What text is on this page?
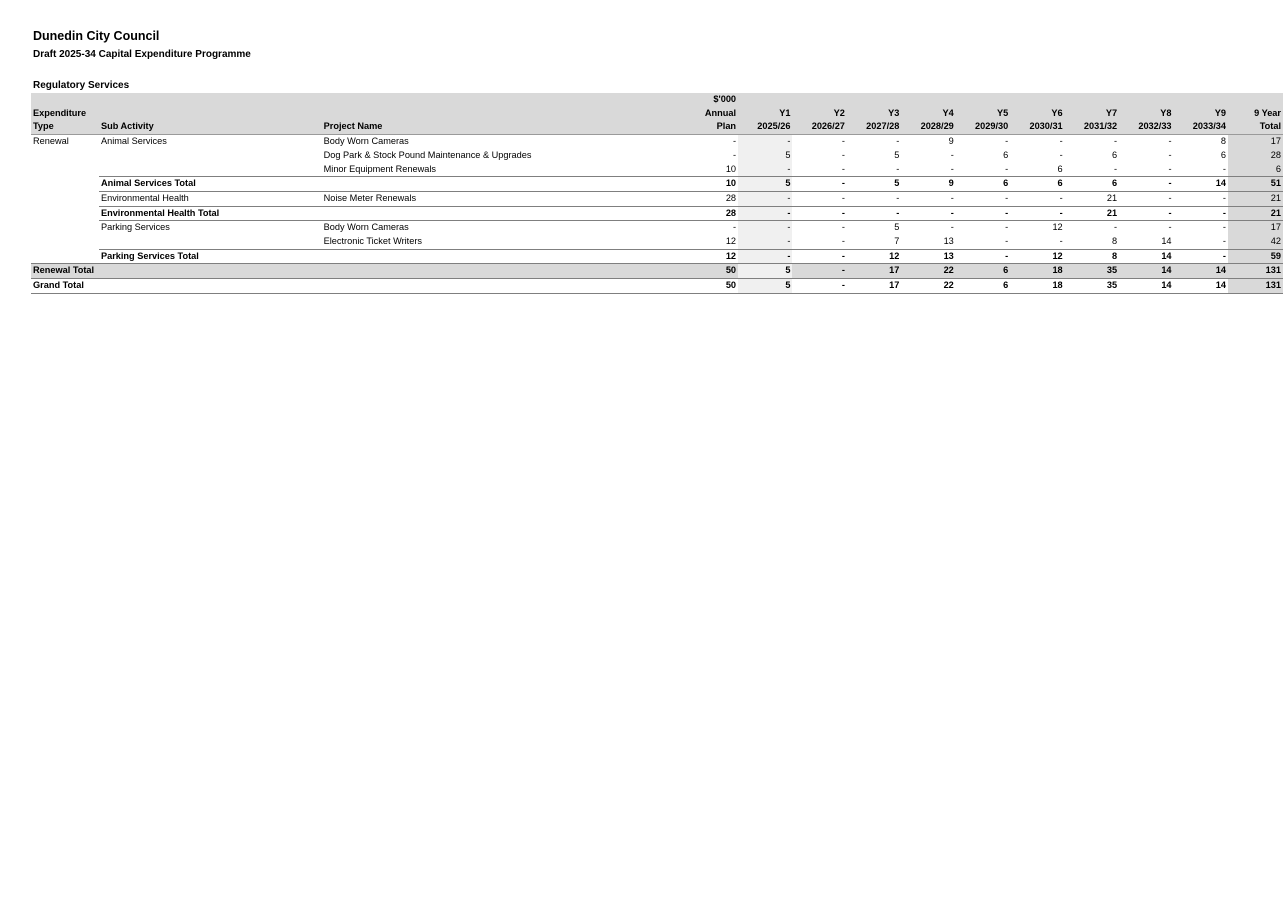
Dunedin City Council
Draft 2025-34 Capital Expenditure Programme
Regulatory Services
			$'000										
Expenditure			Annual	Y1	Y2	Y3	Y4	Y5	Y6	Y7	Y8	Y9	9 Year
Type	Sub Activity	Project Name	Plan	2025/26	2026/27	2027/28	2028/29	2029/30	2030/31	2031/32	2032/33	2033/34	Total
Renewal	Animal Services	Body Worn Cameras	-	-	-	-	9	-	-	-	-	8	17
		Dog Park & Stock Pound Maintenance & Upgrades	-	5	-	5	-	6	-	6	-	6	28
		Minor Equipment Renewals	10	-	-	-	-	-	6	-	-	-	6
	Animal Services Total		10	5	-	5	9	6	6	6	-	14	51
	Environmental Health	Noise Meter Renewals	28	-	-	-	-	-	-	21	-	-	21
	Environmental Health Total		28	-	-	-	-	-	-	21	-	-	21
	Parking Services	Body Worn Cameras	-	-	-	5	-	-	12	-	-	-	17
		Electronic Ticket Writers	12	-	-	7	13	-	-	8	14	-	42
	Parking Services Total		12	-	-	12	13	-	12	8	14	-	59
Renewal Total			50	5	-	17	22	6	18	35	14	14	131
Grand Total			50	5	-	17	22	6	18	35	14	14	131
